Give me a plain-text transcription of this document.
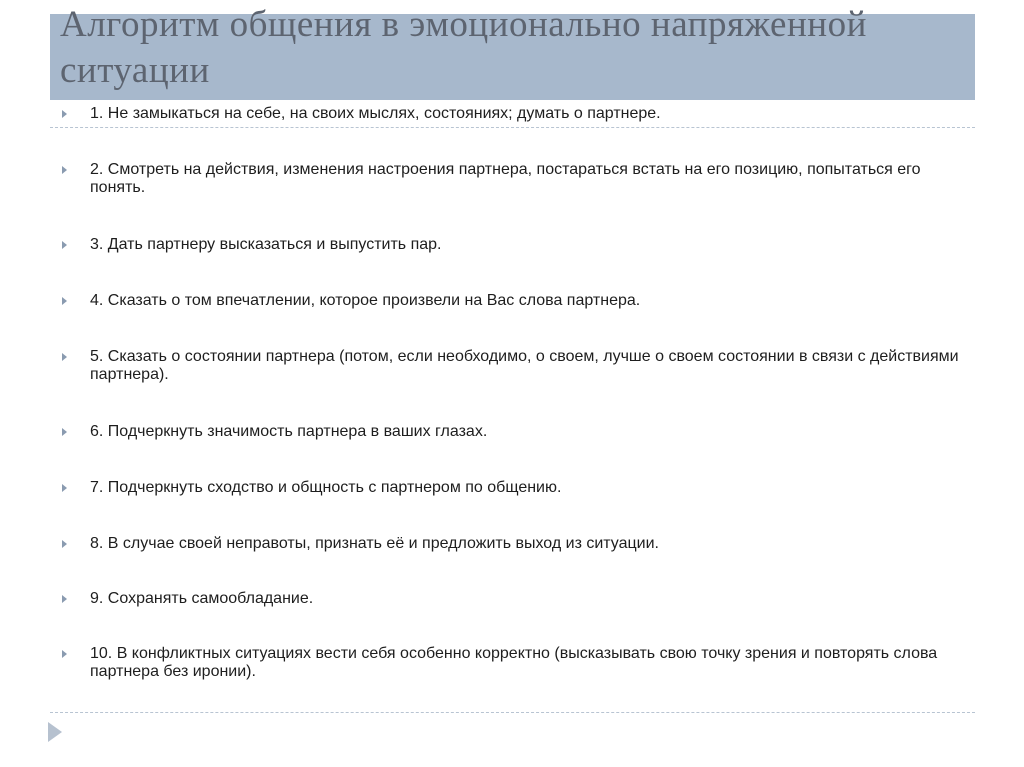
Алгоритм общения в эмоционально напряженной ситуации
1. Не замыкаться на себе, на своих мыслях, состояниях; думать о партнере.
2. Смотреть на действия, изменения настроения партнера, постараться встать на его позицию, попытаться его понять.
3. Дать партнеру высказаться и выпустить пар.
4. Сказать о том впечатлении, которое произвели на Вас слова партнера.
5. Сказать о состоянии партнера (потом, если необходимо, о своем, лучше о своем состоянии в связи с действиями партнера).
6. Подчеркнуть значимость партнера в ваших глазах.
7. Подчеркнуть сходство и общность с партнером по общению.
8. В случае своей неправоты, признать её и предложить выход из ситуации.
9. Сохранять самообладание.
10. В конфликтных ситуациях вести себя особенно корректно (высказывать свою точку зрения и повторять слова партнера без иронии).
